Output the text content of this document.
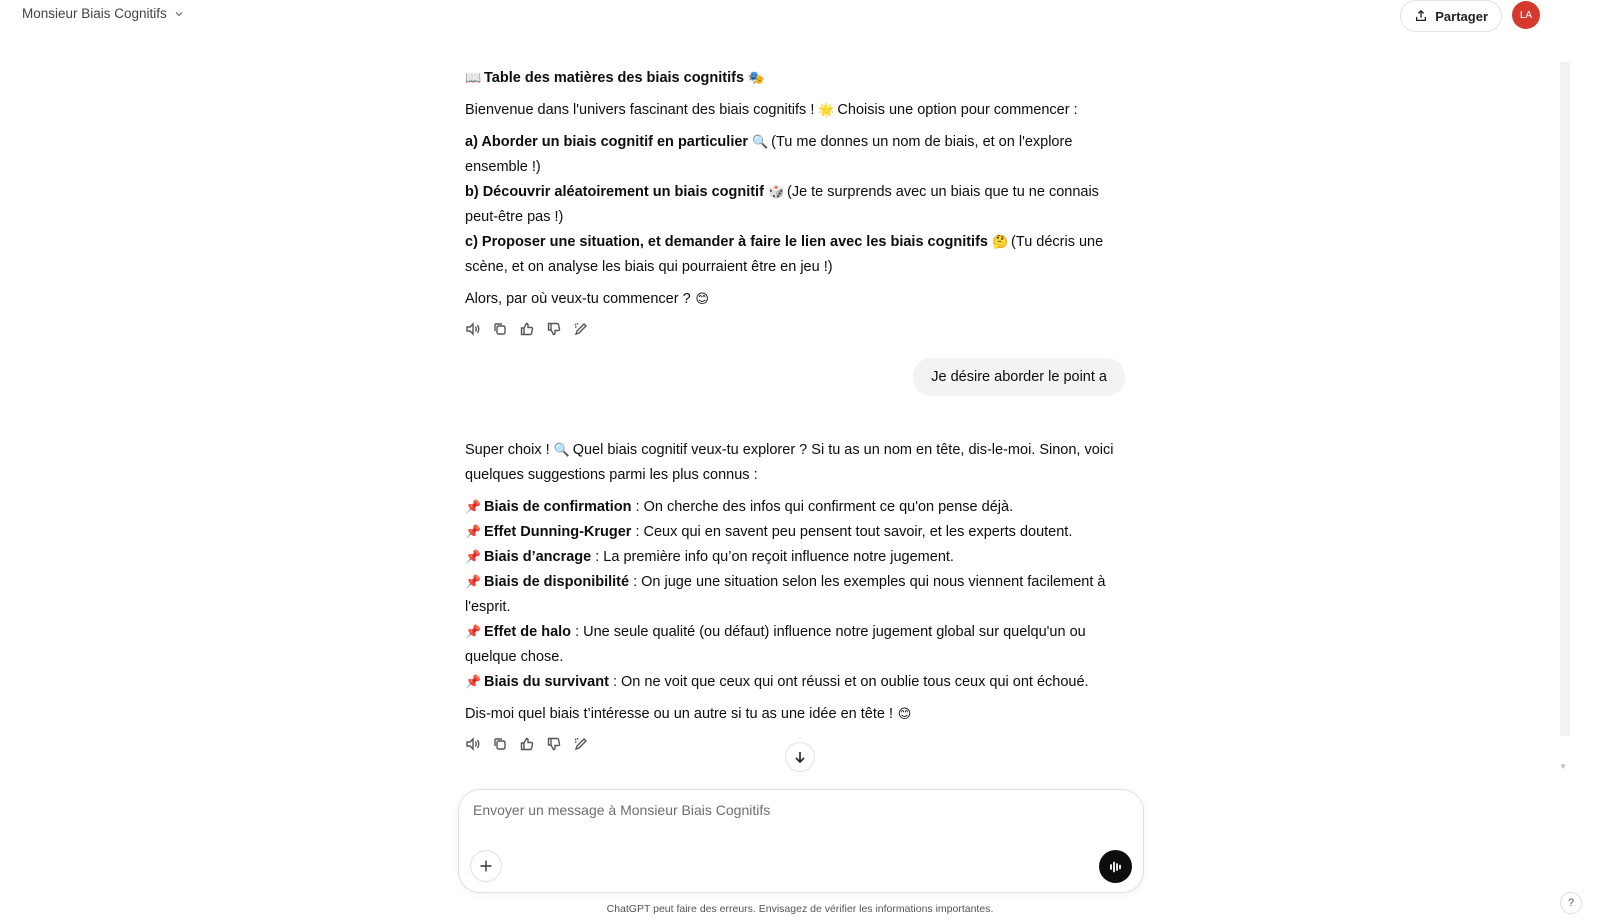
Monsieur Biais Cognitifs	Partager	LA
▼

📖 Table des matières des biais cognitifs 🎭

Bienvenue dans l'univers fascinant des biais cognitifs ! 🌟 Choisis une option pour commencer :

a) Aborder un biais cognitif en particulier 🔍 (Tu me donnes un nom de biais, et on l'explore ensemble !)

b) Découvrir aléatoirement un biais cognitif 🎲 (Je te surprends avec un biais que tu ne connais peut-être pas !)

c) Proposer une situation, et demander à faire le lien avec les biais cognitifs 🤔 (Tu décris une scène, et on analyse les biais qui pourraient être en jeu !)

Alors, par où veux-tu commencer ? 😊

Je désire aborder le point a

Super choix ! 🔍 Quel biais cognitif veux-tu explorer ? Si tu as un nom en tête, dis-le-moi. Sinon, voici quelques suggestions parmi les plus connus :

📌 Biais de confirmation : On cherche des infos qui confirment ce qu'on pense déjà.

📌 Effet Dunning-Kruger : Ceux qui en savent peu pensent tout savoir, et les experts doutent.

📌 Biais d’ancrage : La première info qu’on reçoit influence notre jugement.

📌 Biais de disponibilité : On juge une situation selon les exemples qui nous viennent facilement à l'esprit.

📌 Effet de halo : Une seule qualité (ou défaut) influence notre jugement global sur quelqu'un ou quelque chose.

📌 Biais du survivant : On ne voit que ceux qui ont réussi et on oublie tous ceux qui ont échoué.

Dis-moi quel biais t’intéresse ou un autre si tu as une idée en tête ! 😊

Envoyer un message à Monsieur Biais Cognitifs
ChatGPT peut faire des erreurs. Envisagez de vérifier les informations importantes.	?
